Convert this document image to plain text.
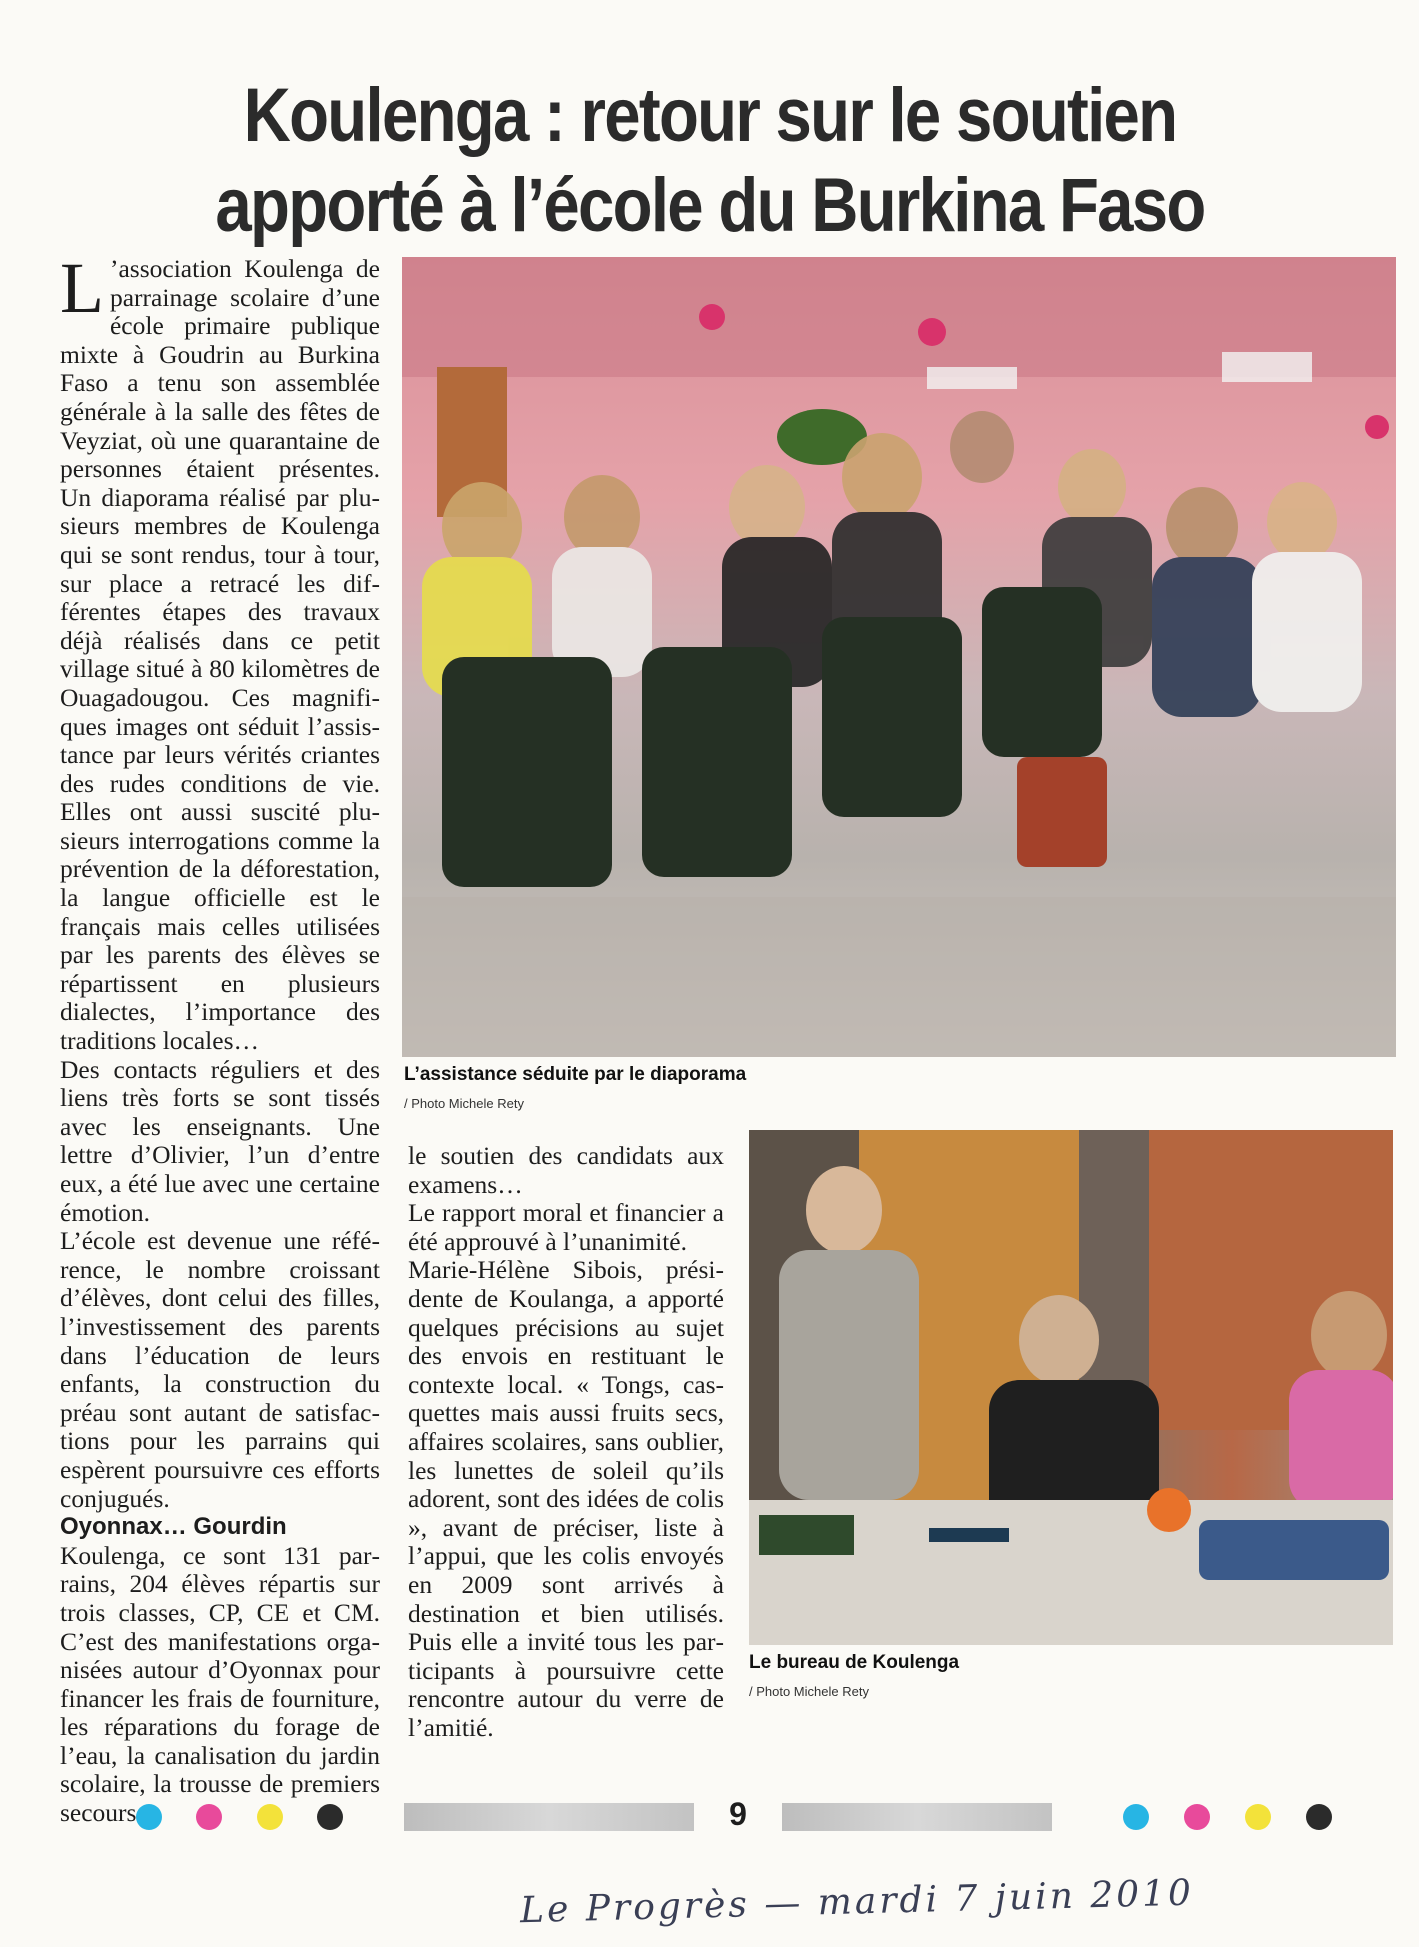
Koulenga : retour sur le soutien
apporté à l’école du Burkina Faso

L ’association Koulenga de parrainage scolaire d’une école primaire publique mixte à Goudrin au Burkina Faso a tenu son assemblée générale à la salle des fêtes de Veyziat, où une quarantaine de personnes étaient présentes. Un diaporama réalisé par plusieurs membres de Koulenga qui se sont rendus, tour à tour, sur place a retracé les différentes étapes des travaux déjà réalisés dans ce petit village situé à 80 kilomètres de Ouagadougou. Ces magnifiques images ont séduit l’assistance par leurs vérités criantes des rudes conditions de vie. Elles ont aussi suscité plusieurs interrogations comme la prévention de la déforestation, la langue officielle est le français mais celles utilisées par les parents des élèves se répartissent en plusieurs dialectes, l’importance des traditions locales…

Des contacts réguliers et des liens très forts se sont tissés avec les enseignants. Une lettre d’Olivier, l’un d’entre eux, a été lue avec une certaine émotion.

L’école est devenue une référence, le nombre croissant d’élèves, dont celui des filles, l’investissement des parents dans l’éducation de leurs enfants, la construction du préau sont autant de satisfactions pour les parrains qui espèrent poursuivre ces efforts conjugués.

Oyonnax… Gourdin

Koulenga, ce sont 131 parrains, 204 élèves répartis sur trois classes, CP, CE et CM. C’est des manifestations organisées autour d’Oyonnax pour financer les frais de fourniture, les réparations du forage de l’eau, la canalisation du jardin scolaire, la trousse de premiers secours

L’assistance séduite par le diaporama
/ Photo Michele Rety

le soutien des candidats aux examens…

Le rapport moral et financier a été approuvé à l’unanimité.

Marie-Hélène Sibois, présidente de Koulanga, a apporté quelques précisions au sujet des envois en restituant le contexte local. « Tongs, casquettes mais aussi fruits secs, affaires scolaires, sans oublier, les lunettes de soleil qu’ils adorent, sont des idées de colis », avant de préciser, liste à l’appui, que les colis envoyés en 2009 sont arrivés à destination et bien utilisés. Puis elle a invité tous les participants à poursuivre cette rencontre autour du verre de l’amitié.

Le bureau de Koulenga
/ Photo Michele Rety
9
Le Progrès — mardi 7 juin 2010
